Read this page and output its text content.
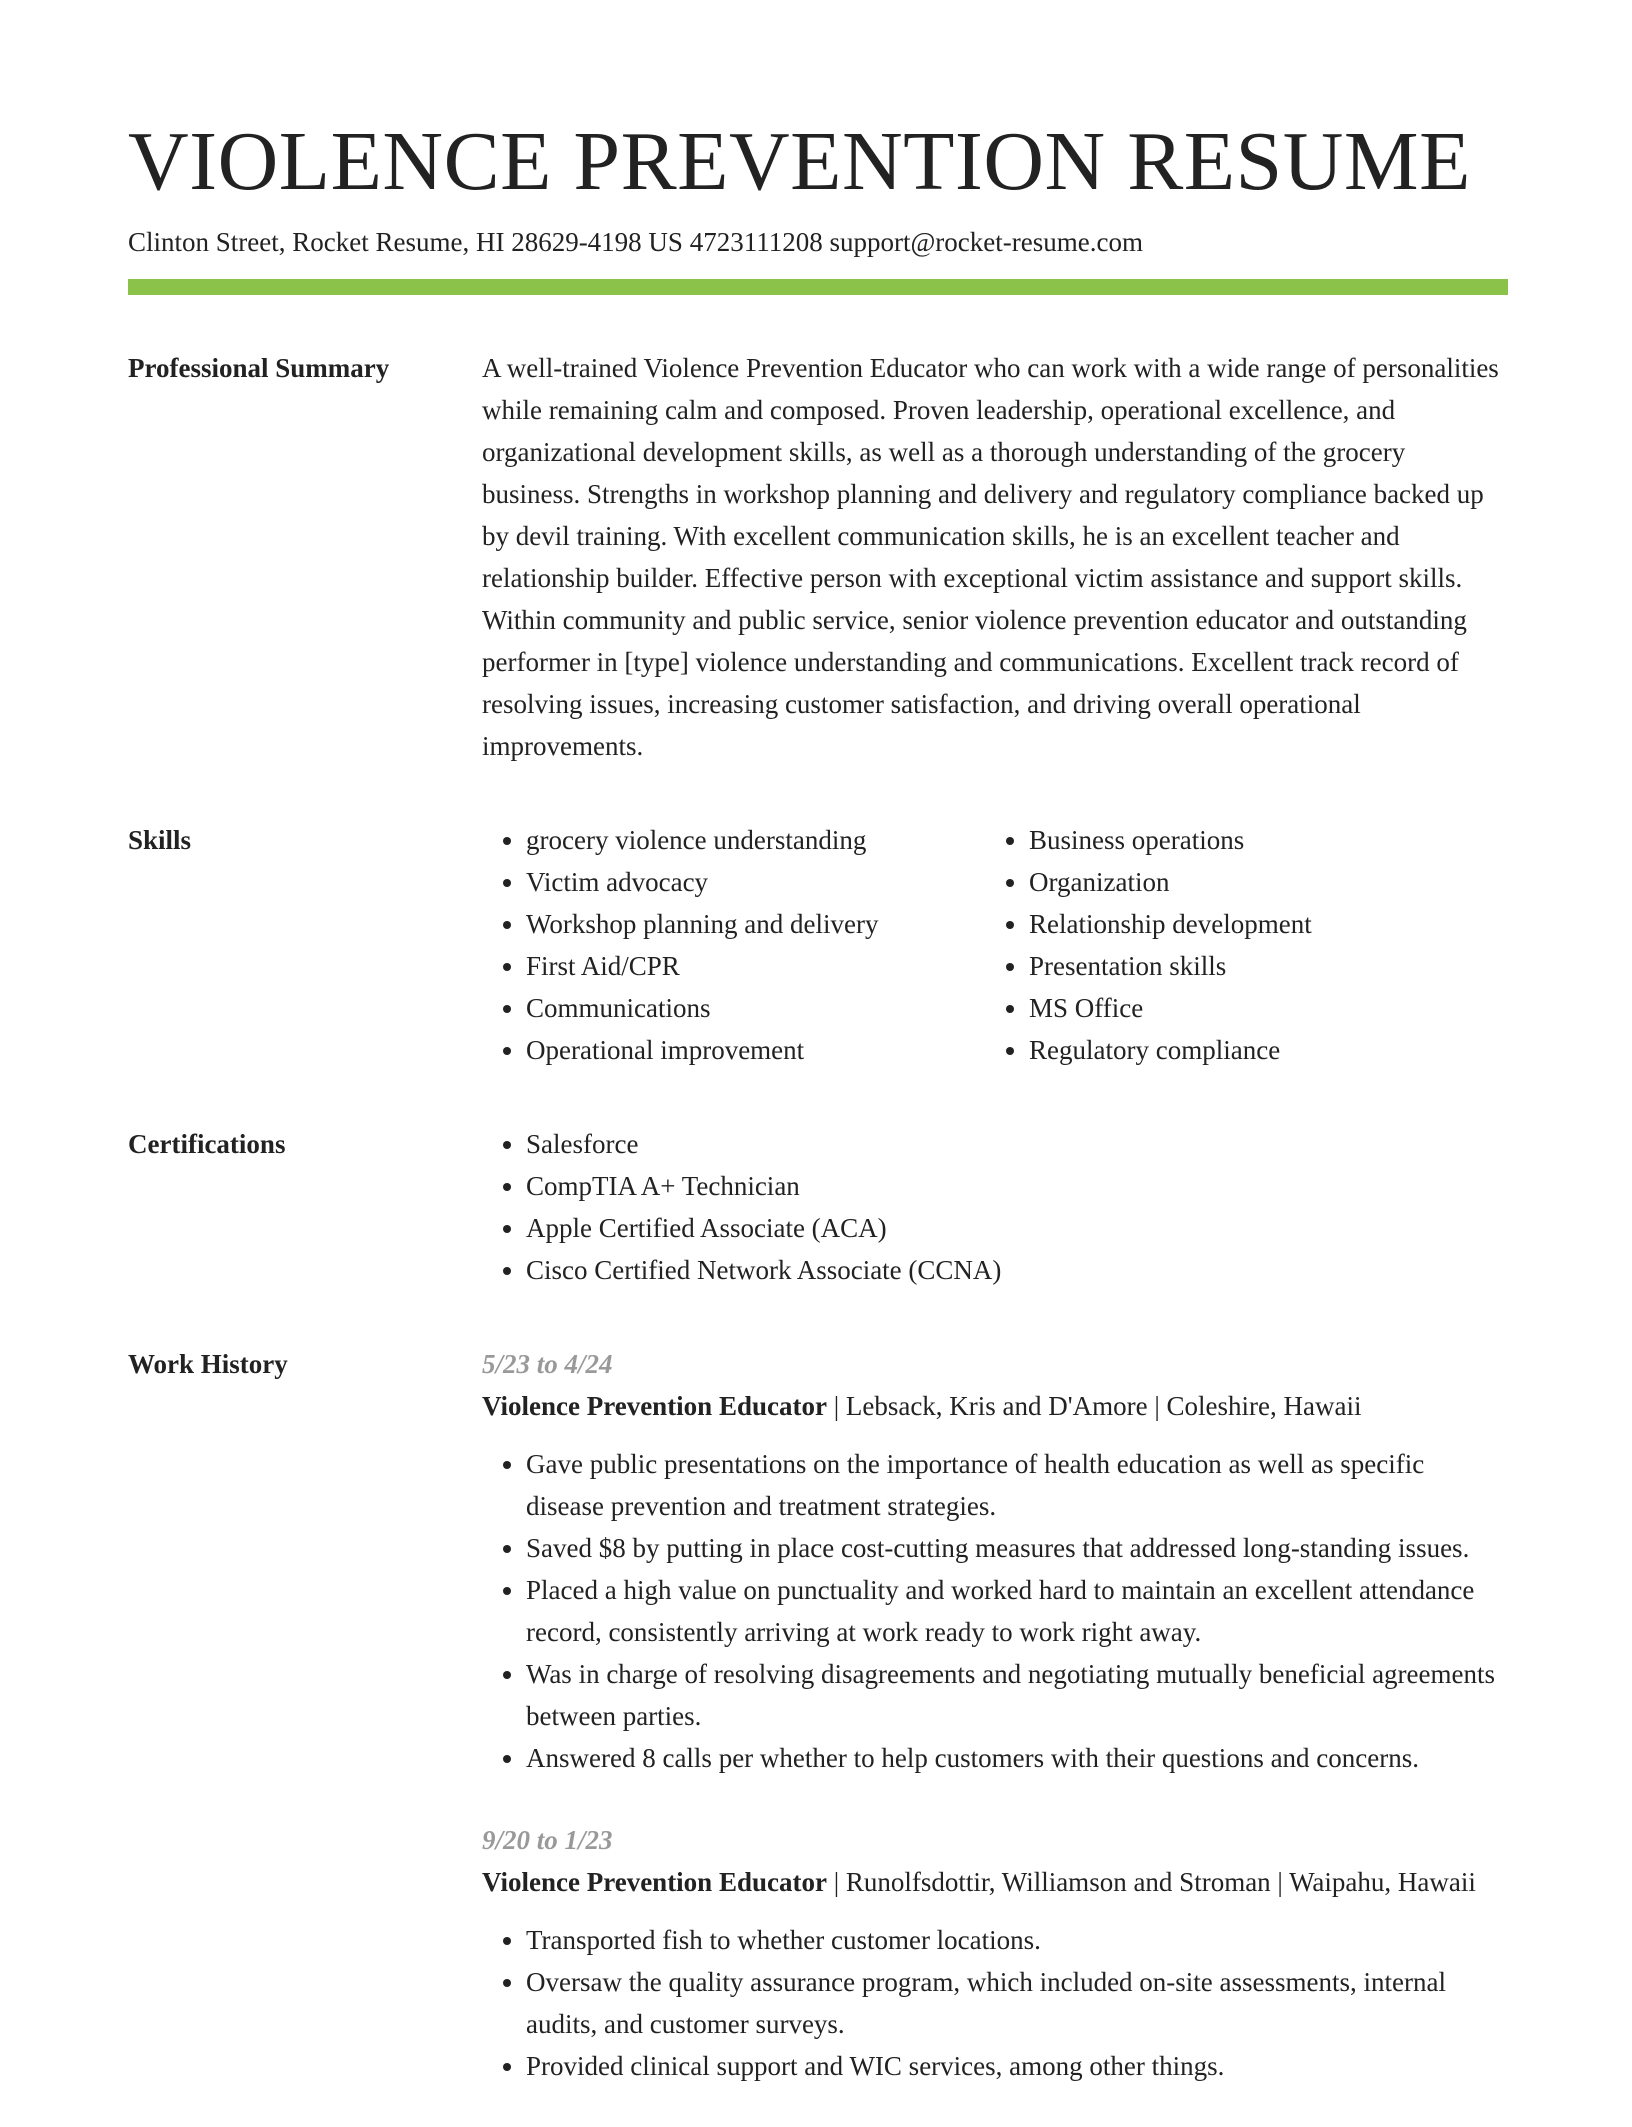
VIOLENCE PREVENTION RESUME
Clinton Street, Rocket Resume, HI 28629-4198 US 4723111208 support@rocket-resume.com
Professional Summary	A well-trained Violence Prevention Educator who can work with a wide range of personalities while remaining calm and composed. Proven leadership, operational excellence, and organizational development skills, as well as a thorough understanding of the grocery business. Strengths in workshop planning and delivery and regulatory compliance backed up by devil training. With excellent communication skills, he is an excellent teacher and relationship builder. Effective person with exceptional victim assistance and support skills. Within community and public service, senior violence prevention educator and outstanding performer in [type] violence understanding and communications. Excellent track record of resolving issues, increasing customer satisfaction, and driving overall operational improvements.

Skills	• grocery violence understanding
• Victim advocacy
• Workshop planning and delivery
• First Aid/CPR
• Communications
• Operational improvement
• Business operations
• Organization
• Relationship development
• Presentation skills
• MS Office
• Regulatory compliance
Certifications	• Salesforce
• CompTIA A+ Technician
• Apple Certified Associate (ACA)
• Cisco Certified Network Associate (CCNA)
Work History	5/23 to 4/24
Violence Prevention Educator | Lebsack, Kris and D'Amore | Coleshire, Hawaii
• Gave public presentations on the importance of health education as well as specific disease prevention and treatment strategies.
• Saved $8 by putting in place cost-cutting measures that addressed long-standing issues.
• Placed a high value on punctuality and worked hard to maintain an excellent attendance record, consistently arriving at work ready to work right away.
• Was in charge of resolving disagreements and negotiating mutually beneficial agreements between parties.
• Answered 8 calls per whether to help customers with their questions and concerns.
9/20 to 1/23
Violence Prevention Educator | Runolfsdottir, Williamson and Stroman | Waipahu, Hawaii
• Transported fish to whether customer locations.
• Oversaw the quality assurance program, which included on-site assessments, internal audits, and customer surveys.
• Provided clinical support and WIC services, among other things.
